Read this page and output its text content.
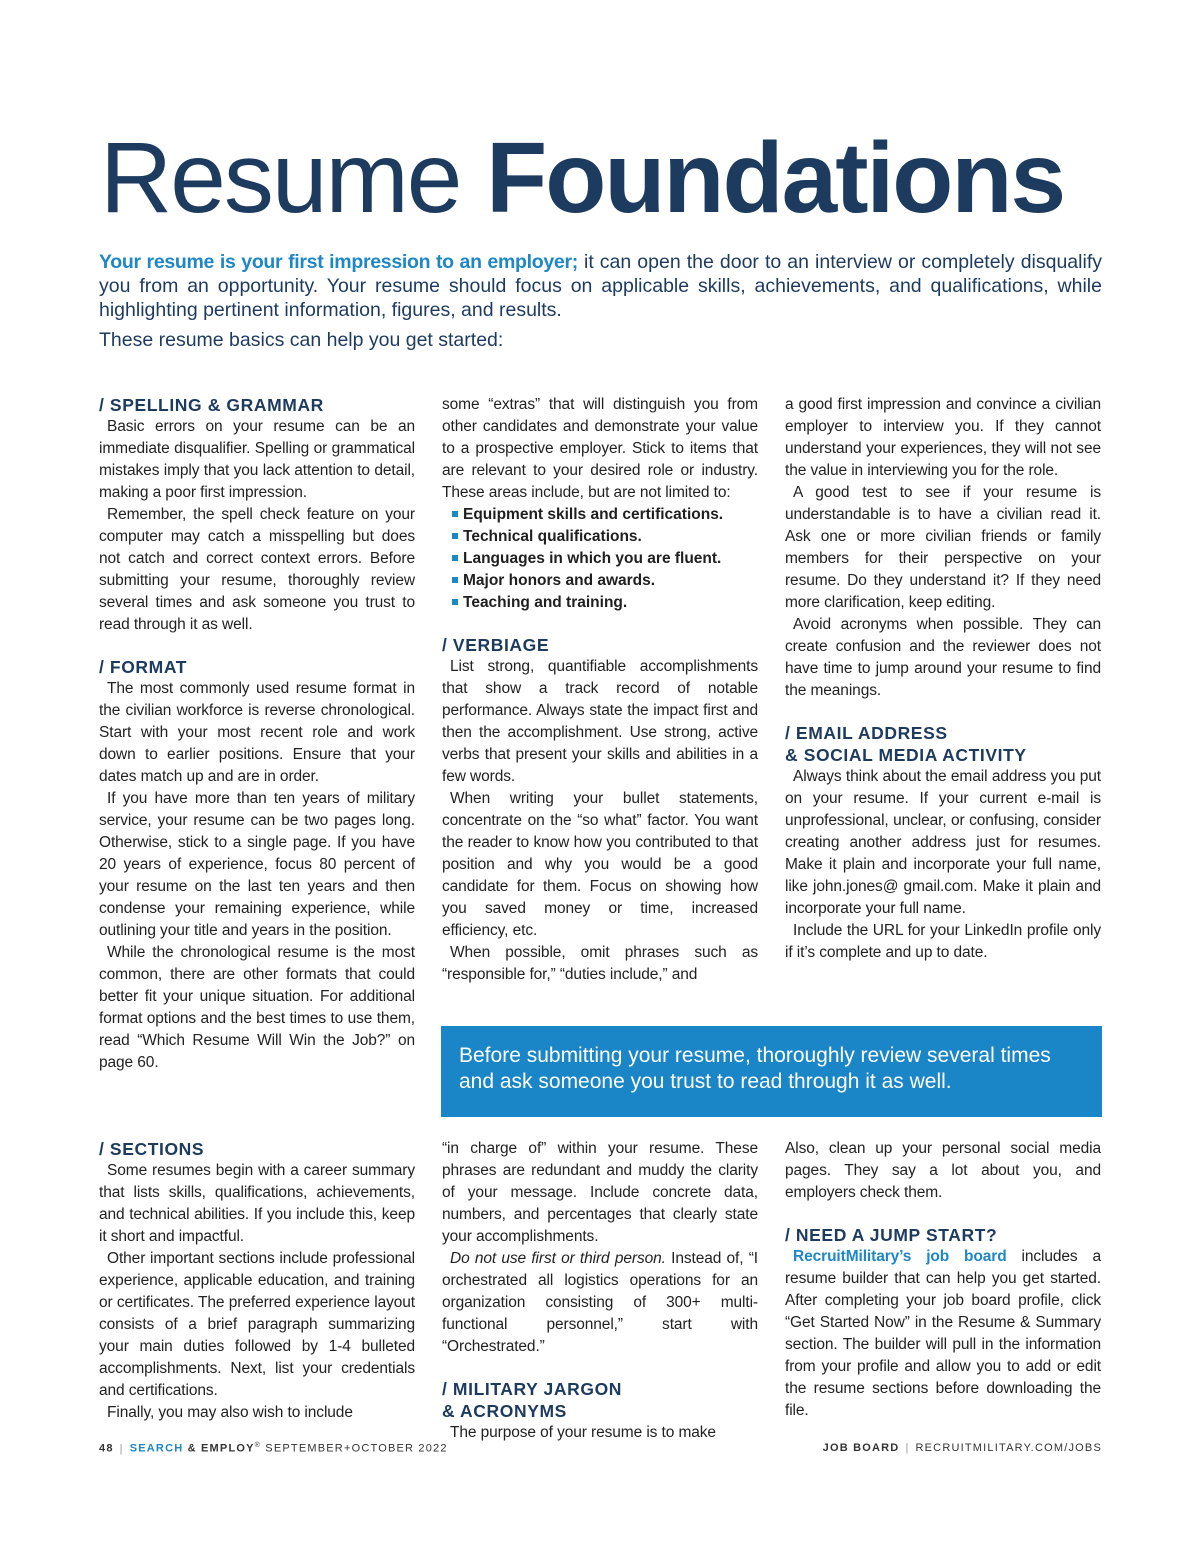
Resume Foundations

Your resume is your first impression to an employer; it can open the door to an interview or completely disqualify you from an opportunity. Your resume should focus on applicable skills, achievements, and qualifications, while highlighting pertinent information, figures, and results.

These resume basics can help you get started:

/ SPELLING & GRAMMAR

Basic errors on your resume can be an immediate disqualifier. Spelling or grammatical mistakes imply that you lack attention to detail, making a poor first impression.

Remember, the spell check feature on your computer may catch a misspelling but does not catch and correct context errors. Before submitting your resume, thoroughly review several times and ask someone you trust to read through it as well.

/ FORMAT

The most commonly used resume format in the civilian workforce is reverse chronological. Start with your most recent role and work down to earlier positions. Ensure that your dates match up and are in order.

If you have more than ten years of military service, your resume can be two pages long. Otherwise, stick to a single page. If you have 20 years of experience, focus 80 percent of your resume on the last ten years and then condense your remaining experience, while outlining your title and years in the position.

While the chronological resume is the most common, there are other formats that could better fit your unique situation. For additional format options and the best times to use them, read “Which Resume Will Win the Job?” on page 60.

some “extras” that will distinguish you from other candidates and demonstrate your value to a prospective employer. Stick to items that are relevant to your desired role or industry. These areas include, but are not limited to:

Equipment skills and certifications.
Technical qualifications.
Languages in which you are fluent.
Major honors and awards.
Teaching and training.
/ VERBIAGE

List strong, quantifiable accomplishments that show a track record of notable performance. Always state the impact first and then the accomplishment. Use strong, active verbs that present your skills and abilities in a few words.

When writing your bullet statements, concentrate on the “so what” factor. You want the reader to know how you contributed to that position and why you would be a good candidate for them. Focus on showing how you saved money or time, increased efficiency, etc.

When possible, omit phrases such as “responsible for,” “duties include,” and

a good first impression and convince a civilian employer to interview you. If they cannot understand your experiences, they will not see the value in interviewing you for the role.

A good test to see if your resume is understandable is to have a civilian read it. Ask one or more civilian friends or family members for their perspective on your resume. Do they understand it? If they need more clarification, keep editing.

Avoid acronyms when possible. They can create confusion and the reviewer does not have time to jump around your resume to find the meanings.

/ EMAIL ADDRESS
& SOCIAL MEDIA ACTIVITY

Always think about the email address you put on your resume. If your current e-mail is unprofessional, unclear, or confusing, consider creating another address just for resumes. Make it plain and incorporate your full name, like john.jones@ gmail.com. Make it plain and incorporate your full name.

Include the URL for your LinkedIn profile only if it’s complete and up to date.

Before submitting your resume, thoroughly review several times and ask someone you trust to read through it as well.
/ SECTIONS

Some resumes begin with a career summary that lists skills, qualifications, achievements, and technical abilities. If you include this, keep it short and impactful.

Other important sections include professional experience, applicable education, and training or certificates. The preferred experience layout consists of a brief paragraph summarizing your main duties followed by 1-4 bulleted accomplishments. Next, list your credentials and certifications.

Finally, you may also wish to include

“in charge of” within your resume. These phrases are redundant and muddy the clarity of your message. Include concrete data, numbers, and percentages that clearly state your accomplishments.

Do not use first or third person. Instead of, “I orchestrated all logistics operations for an organization consisting of 300+ multi-functional personnel,” start with “Orchestrated.”

/ MILITARY JARGON
& ACRONYMS

The purpose of your resume is to make

Also, clean up your personal social media pages. They say a lot about you, and employers check them.

/ NEED A JUMP START?

RecruitMilitary’s job board includes a resume builder that can help you get started. After completing your job board profile, click “Get Started Now” in the Resume & Summary section. The builder will pull in the information from your profile and allow you to add or edit the resume sections before downloading the file.

48 | SEARCH & EMPLOY® SEPTEMBER+OCTOBER 2022	JOB BOARD | RECRUITMILITARY.COM/JOBS
